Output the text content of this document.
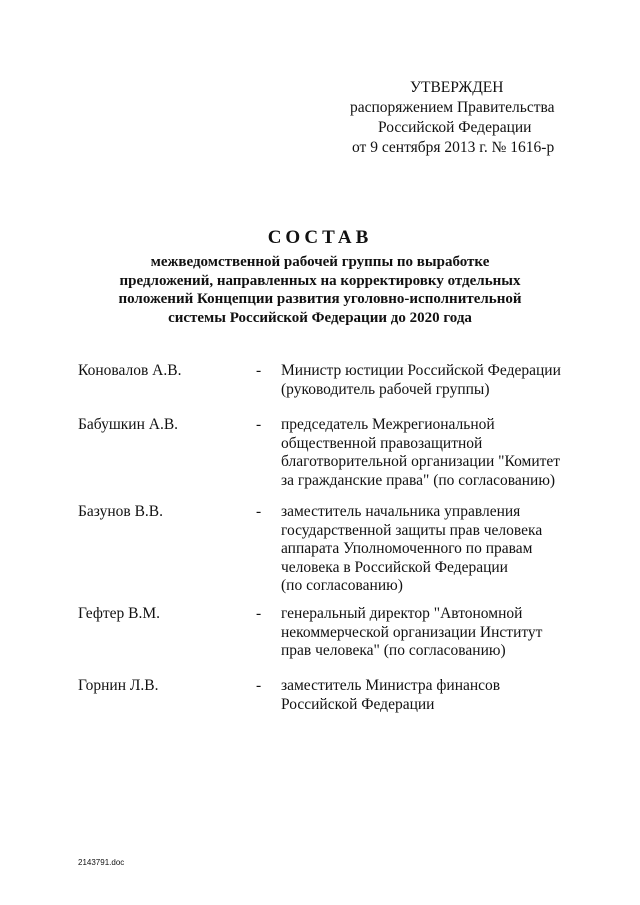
УТВЕРЖДЕН
распоряжением Правительства
Российской Федерации
от 9 сентября 2013 г. № 1616-р
СОСТАВ
межведомственной рабочей группы по выработке
предложений, направленных на корректировку отдельных
положений Концепции развития уголовно-исполнительной
системы Российской Федерации до 2020 года
Коновалов А.В.	- Министр юстиции Российской Федерации
(руководитель рабочей группы)
Бабушкин А.В.	- председатель Межрегиональной
общественной правозащитной
благотворительной организации "Комитет
за гражданские права" (по согласованию)
Базунов В.В.	- заместитель начальника управления
государственной защиты прав человека
аппарата Уполномоченного по правам
человека в Российской Федерации
(по согласованию)
Гефтер В.М.	- генеральный директор "Автономной
некоммерческой организации Институт
прав человека" (по согласованию)
Горнин Л.В.	- заместитель Министра финансов
Российской Федерации
2143791.doc
